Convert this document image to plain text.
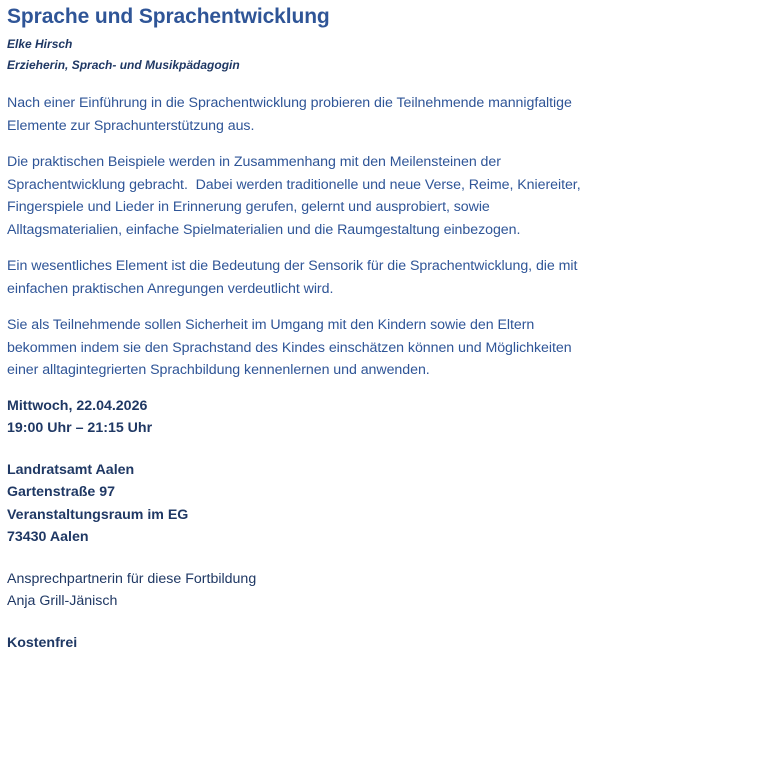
Sprache und Sprachentwicklung
Elke Hirsch
Erzieherin, Sprach- und Musikpädagogin

Nach einer Einführung in die Sprachentwicklung probieren die Teilnehmende mannigfaltige
Elemente zur Sprachunterstützung aus.

Die praktischen Beispiele werden in Zusammenhang mit den Meilensteinen der
Sprachentwicklung gebracht.  Dabei werden traditionelle und neue Verse, Reime, Kniereiter,
Fingerspiele und Lieder in Erinnerung gerufen, gelernt und ausprobiert, sowie
Alltagsmaterialien, einfache Spielmaterialien und die Raumgestaltung einbezogen.

Ein wesentliches Element ist die Bedeutung der Sensorik für die Sprachentwicklung, die mit
einfachen praktischen Anregungen verdeutlicht wird.

Sie als Teilnehmende sollen Sicherheit im Umgang mit den Kindern sowie den Eltern
bekommen indem sie den Sprachstand des Kindes einschätzen können und Möglichkeiten
einer alltagintegrierten Sprachbildung kennenlernen und anwenden.

Mittwoch, 22.04.2026
19:00 Uhr – 21:15 Uhr
Landratsamt Aalen
Gartenstraße 97
Veranstaltungsraum im EG
73430 Aalen
Ansprechpartnerin für diese Fortbildung
Anja Grill-Jänisch
Kostenfrei
